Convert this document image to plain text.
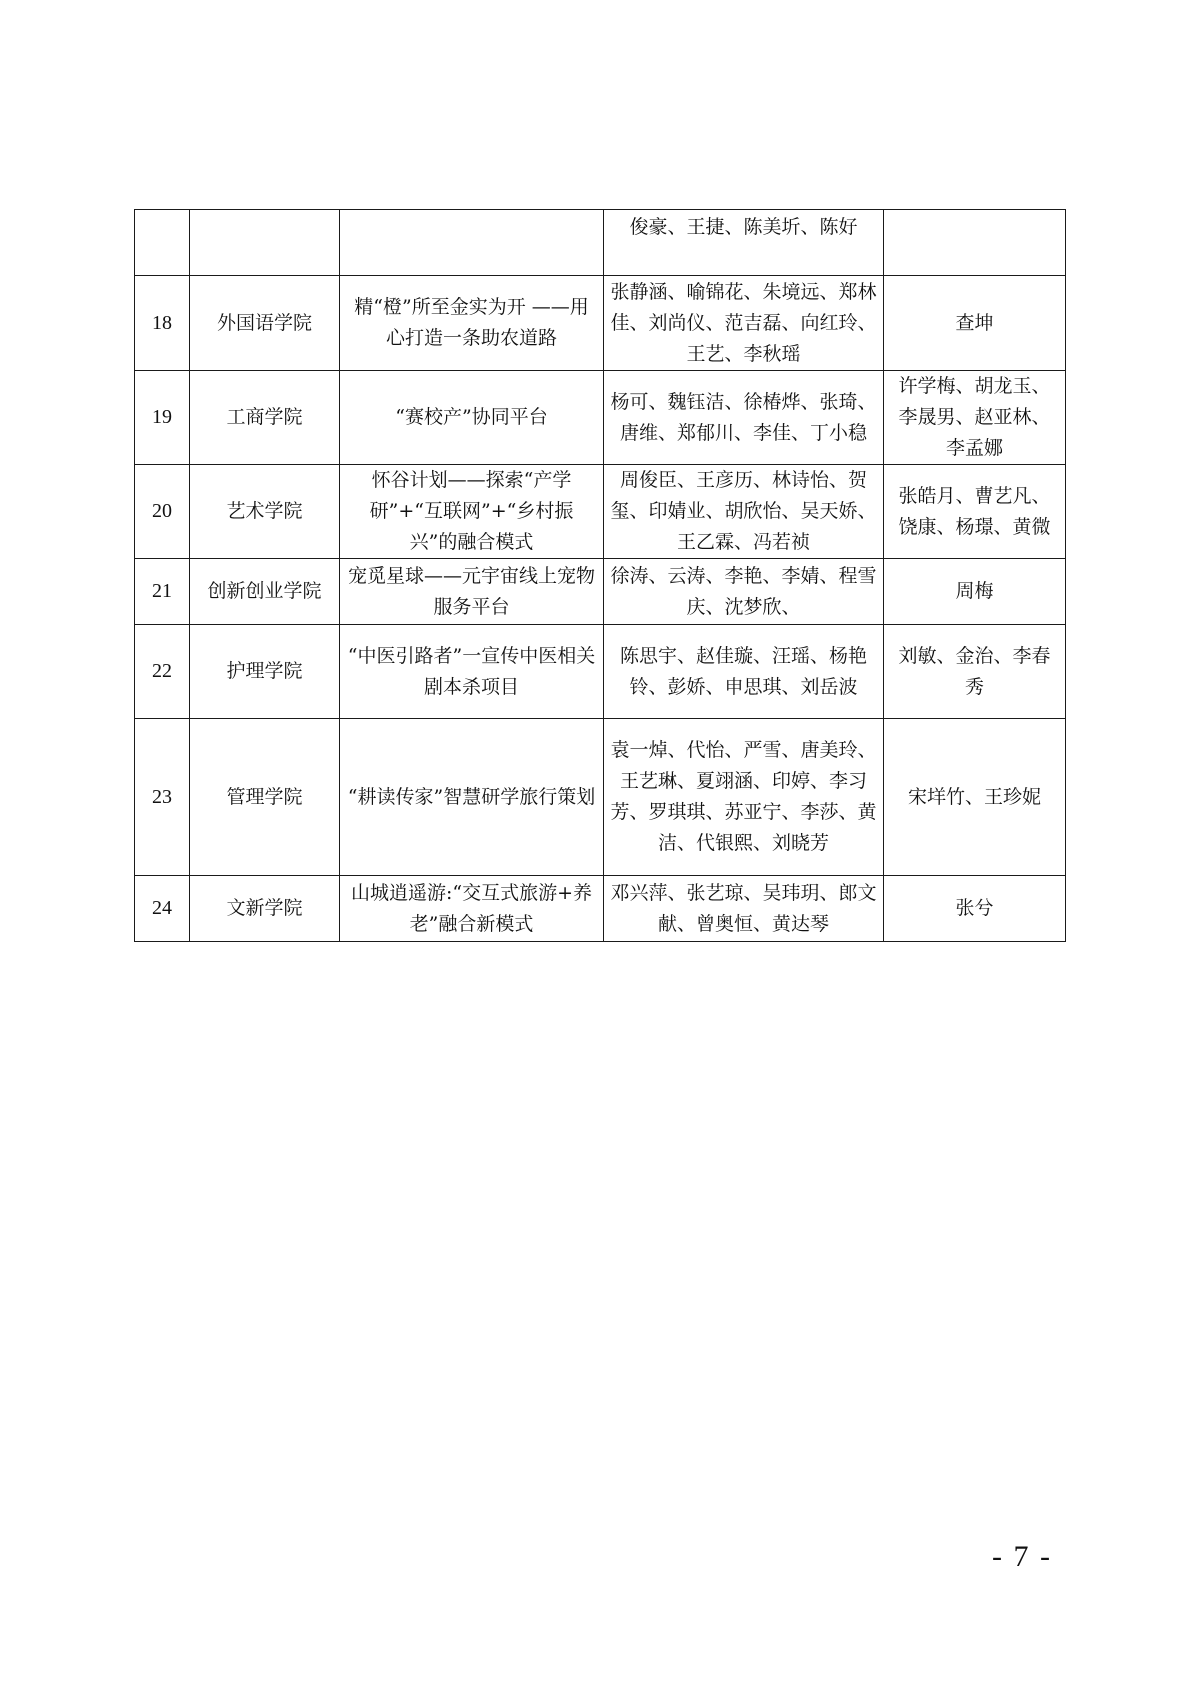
			俊豪、王捷、陈美圻、陈好	
18	外国语学院	精“橙”所至金实为开 ——用心打造一条助农道路	张静涵、喻锦花、朱境远、郑林佳、刘尚仪、范吉磊、向红玲、王艺、李秋瑶	查坤
19	工商学院	“赛校产”协同平台	杨可、魏钰洁、徐椿烨、张琦、唐维、郑郁川、李佳、丁小稳	许学梅、胡龙玉、李晟男、赵亚林、李孟娜
20	艺术学院	怀谷计划——探索“产学研”+“互联网”+“乡村振兴”的融合模式	周俊臣、王彦历、林诗怡、贺玺、印婧业、胡欣怡、吴天娇、王乙霖、冯若祯	张皓月、曹艺凡、饶康、杨璟、黄微
21	创新创业学院	宠觅星球——元宇宙线上宠物服务平台	徐涛、云涛、李艳、李婧、程雪庆、沈梦欣、	周梅
22	护理学院	“中医引路者”一宣传中医相关剧本杀项目	陈思宇、赵佳璇、汪瑶、杨艳铃、彭娇、申思琪、刘岳波	刘敏、金治、李春秀
23	管理学院	“耕读传家”智慧研学旅行策划	袁一焯、代怡、严雪、唐美玲、王艺琳、夏翊涵、印婷、李习芳、罗琪琪、苏亚宁、李莎、黄洁、代银熙、刘晓芳	宋垟竹、王珍妮
24	文新学院	山城逍遥游:“交互式旅游+养老”融合新模式	邓兴萍、张艺琼、吴玮玥、郎文献、曾奥恒、黄达琴	张兮
- 7 -
